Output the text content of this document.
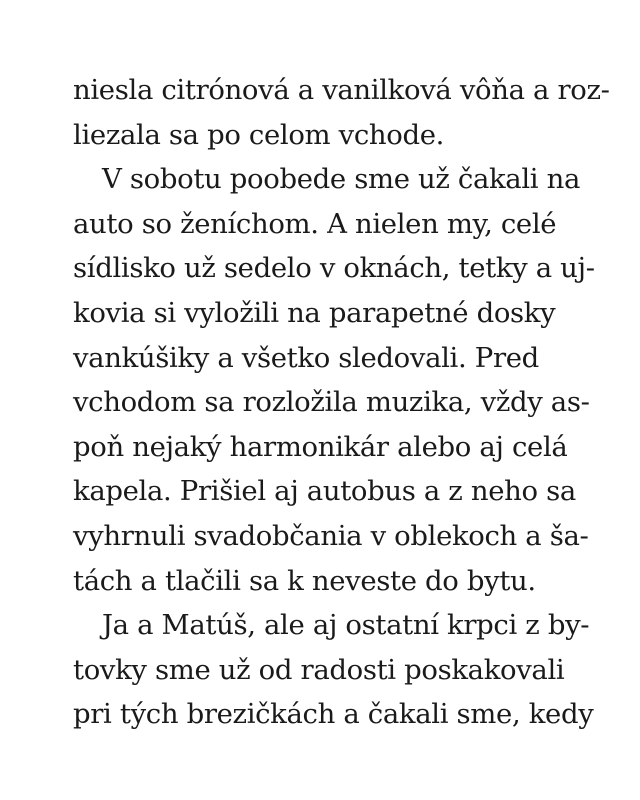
niesla citrónová a vanilková vôňa a roz-
liezala sa po celom vchode.
V sobotu poobede sme už čakali na
auto so ženíchom. A nielen my, celé
sídlisko už sedelo v oknách, tetky a uj-
kovia si vyložili na parapetné dosky
vankúšiky a všetko sledovali. Pred
vchodom sa rozložila muzika, vždy as-
poň nejaký harmonikár alebo aj celá
kapela. Prišiel aj autobus a z neho sa
vyhrnuli svadobčania v oblekoch a ša-
tách a tlačili sa k neveste do bytu.
Ja a Matúš, ale aj ostatní krpci z by-
tovky sme už od radosti poskakovali
pri tých brezičkách a čakali sme, kedy
